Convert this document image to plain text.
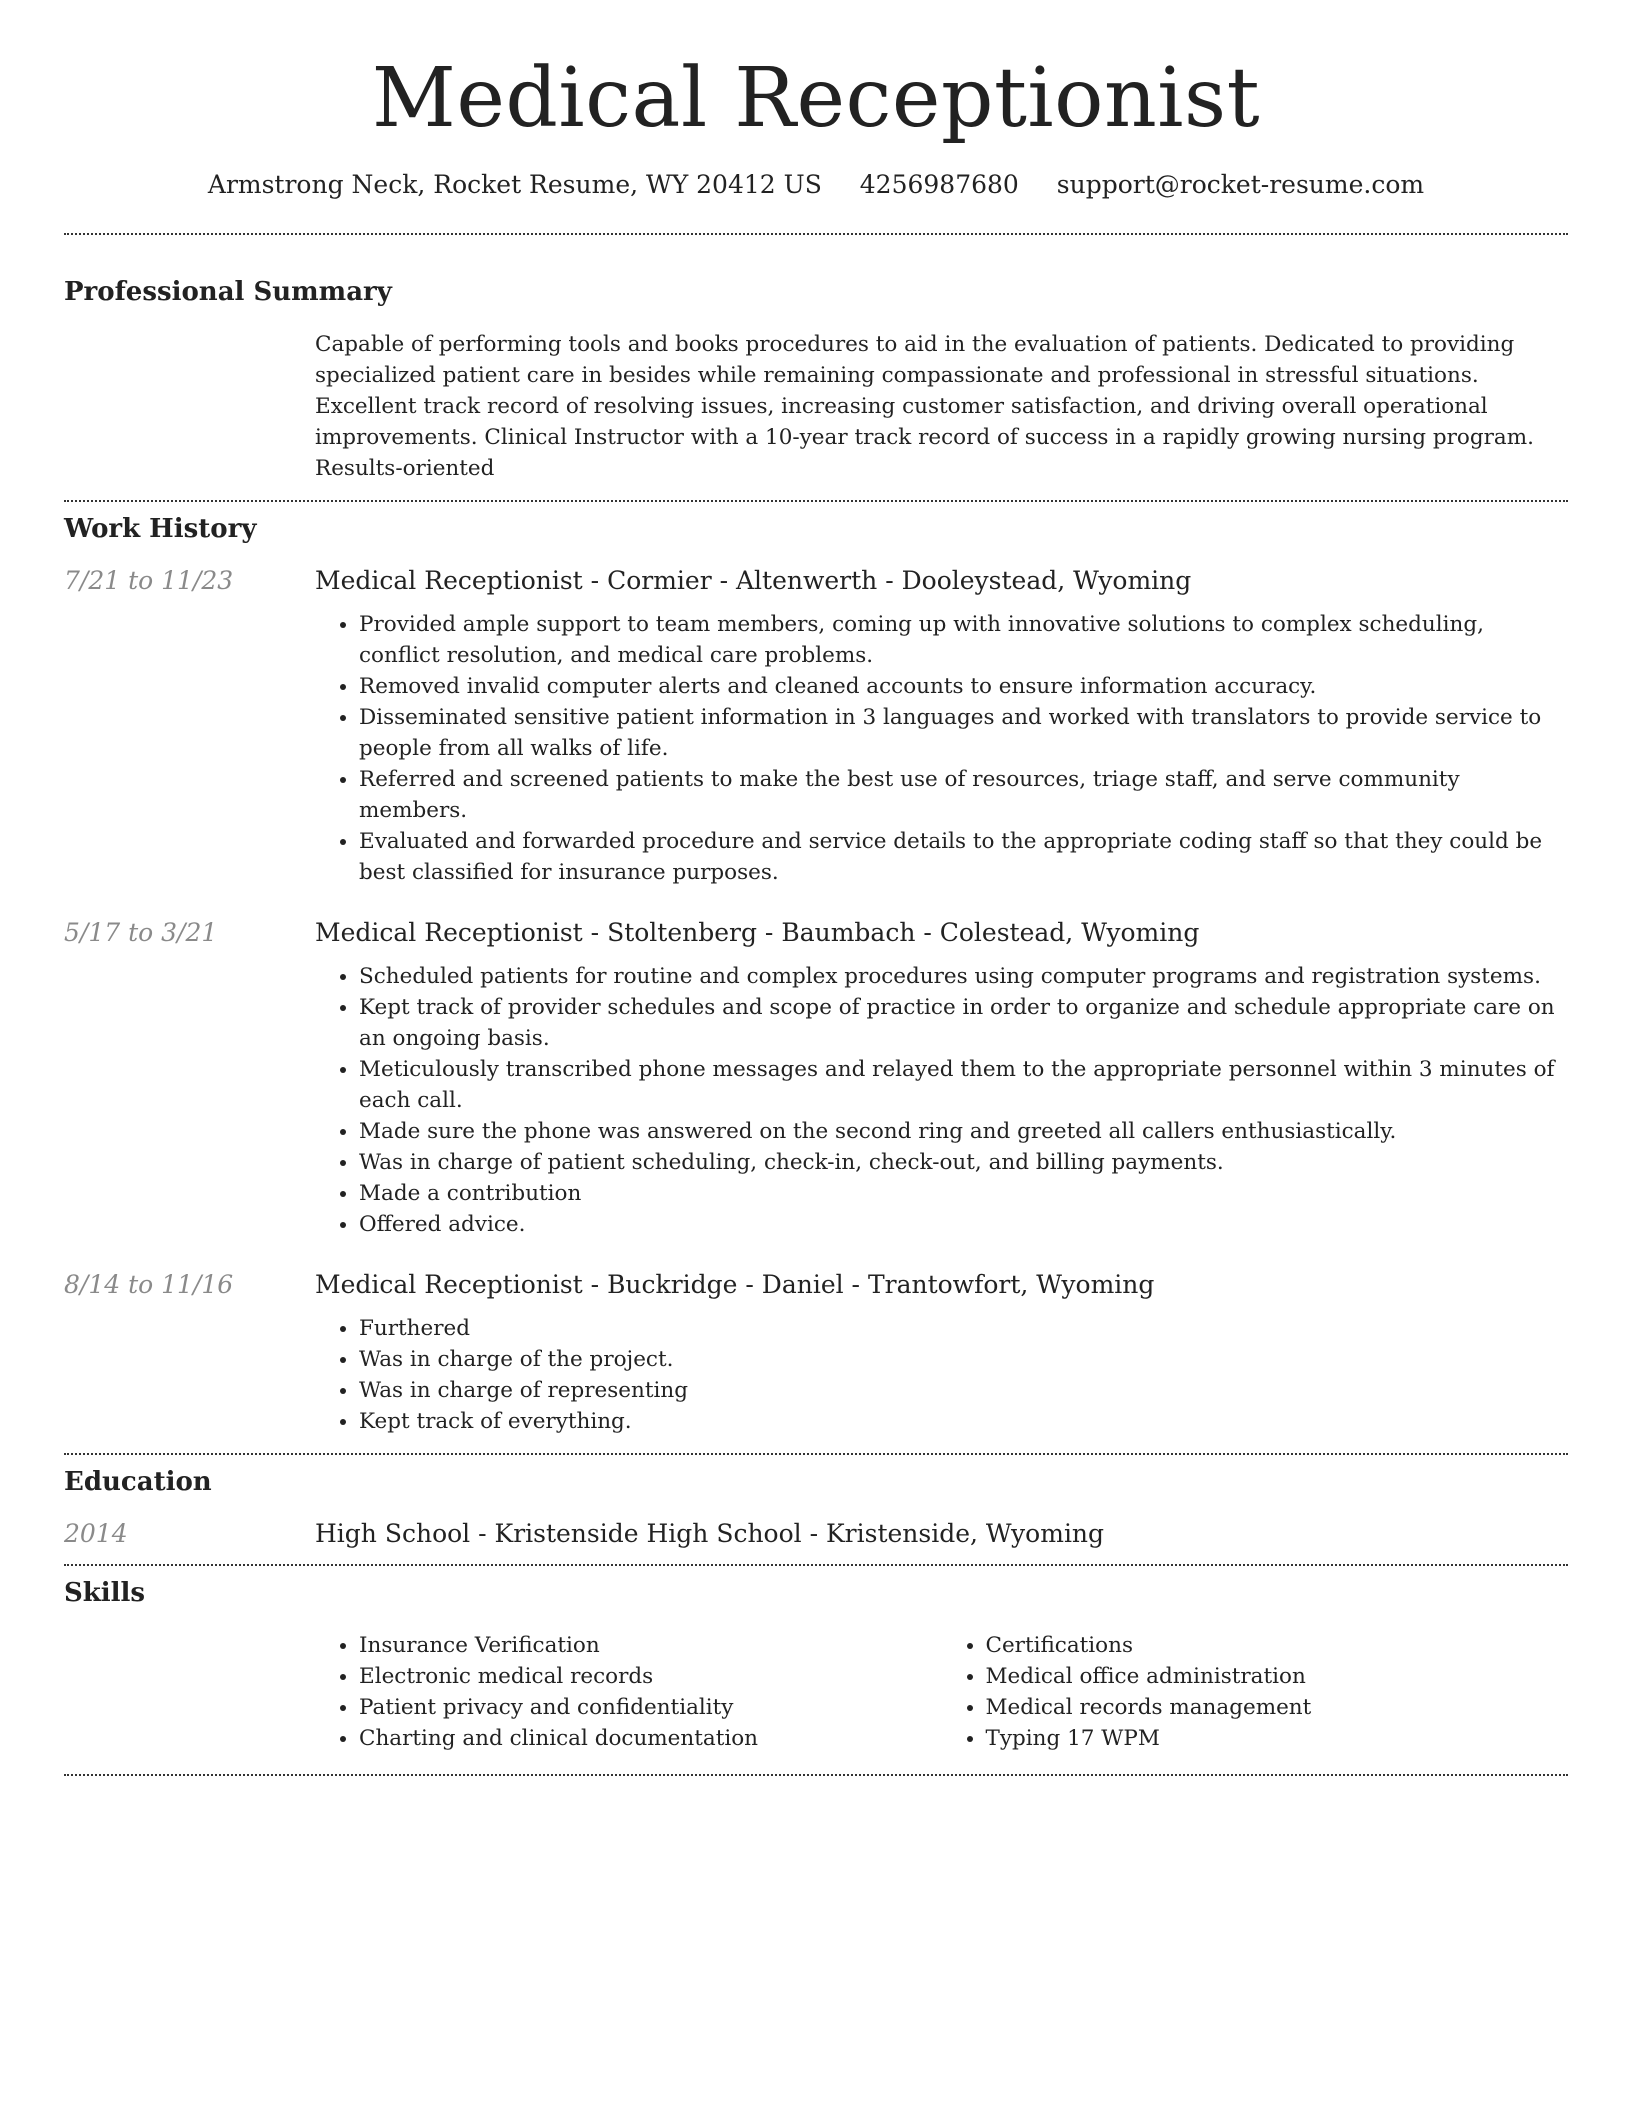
Medical Receptionist
Armstrong Neck, Rocket Resume, WY 20412 US 4256987680 support@rocket-resume.com
Professional Summary
Capable of performing tools and books procedures to aid in the evaluation of patients. Dedicated to providing specialized patient care in besides while remaining compassionate and professional in stressful situations. Excellent track record of resolving issues, increasing customer satisfaction, and driving overall operational improvements. Clinical Instructor with a 10-year track record of success in a rapidly growing nursing program. Results-oriented
Work History
7/21 to 11/23	Medical Receptionist - Cormier - Altenwerth - Dooleystead, Wyoming
• Provided ample support to team members, coming up with innovative solutions to complex scheduling, conflict resolution, and medical care problems.
• Removed invalid computer alerts and cleaned accounts to ensure information accuracy.
• Disseminated sensitive patient information in 3 languages and worked with translators to provide service to people from all walks of life.
• Referred and screened patients to make the best use of resources, triage staff, and serve community members.
• Evaluated and forwarded procedure and service details to the appropriate coding staff so that they could be best classified for insurance purposes.
5/17 to 3/21	Medical Receptionist - Stoltenberg - Baumbach - Colestead, Wyoming
• Scheduled patients for routine and complex procedures using computer programs and registration systems.
• Kept track of provider schedules and scope of practice in order to organize and schedule appropriate care on an ongoing basis.
• Meticulously transcribed phone messages and relayed them to the appropriate personnel within 3 minutes of each call.
• Made sure the phone was answered on the second ring and greeted all callers enthusiastically.
• Was in charge of patient scheduling, check-in, check-out, and billing payments.
• Made a contribution
• Offered advice.
8/14 to 11/16	Medical Receptionist - Buckridge - Daniel - Trantowfort, Wyoming
• Furthered
• Was in charge of the project.
• Was in charge of representing
• Kept track of everything.
Education
2014	High School - Kristenside High School - Kristenside, Wyoming
Skills
• Insurance Verification
• Electronic medical records
• Patient privacy and confidentiality
• Charting and clinical documentation
• Certifications
• Medical office administration
• Medical records management
• Typing 17 WPM
